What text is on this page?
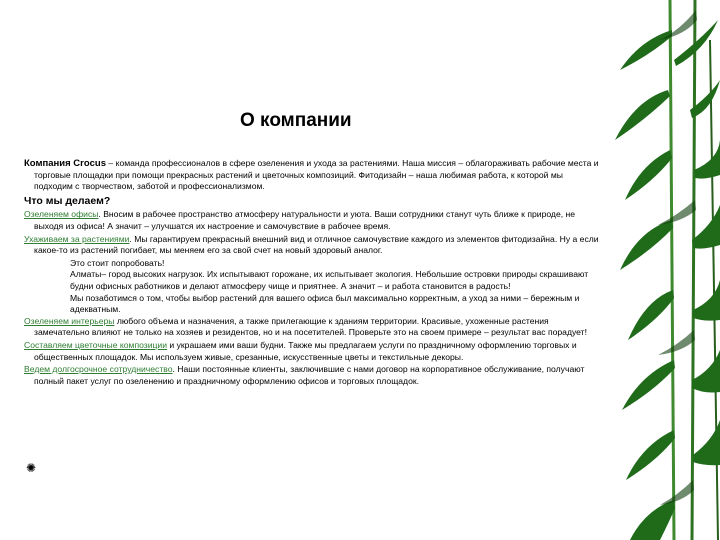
О компании

Компания Crocus – команда профессионалов в сфере озеленения и ухода за растениями. Наша миссия – облагораживать рабочие места и торговые площадки при помощи прекрасных растений и цветочных композиций. Фитодизайн – наша любимая работа, к которой мы подходим с творчеством, заботой и профессионализмом.

Что мы делаем?

Озеленяем офисы. Вносим в рабочее пространство атмосферу натуральности и уюта. Ваши сотрудники станут чуть ближе к природе, не выходя из офиса! А значит – улучшатся их настроение и самочувствие в рабочее время.

Ухаживаем за растениями. Мы гарантируем прекрасный внешний вид и отличное самочувствие каждого из элементов фитодизайна. Ну а если какое-то из растений погибает, мы меняем его за свой счет на новый здоровый аналог.

Это стоит попробовать!

Алматы– город высоких нагрузок. Их испытывают горожане, их испытывает экология. Небольшие островки природы скрашивают будни офисных работников и делают атмосферу чище и приятнее. А значит – и работа становится в радость!

Мы позаботимся о том, чтобы выбор растений для вашего офиса был максимально корректным, а уход за ними – бережным и адекватным.

Озеленяем интерьеры любого объема и назначения, а также прилегающие к зданиям территории. Красивые, ухоженные растения замечательно влияют не только на хозяев и резидентов, но и на посетителей. Проверьте это на своем примере – результат вас порадует!

Составляем цветочные композиции и украшаем ими ваши будни. Также мы предлагаем услуги по праздничному оформлению торговых и общественных площадок. Мы используем живые, срезанные, искусственные цветы и текстильные декоры.

Ведем долгосрочное сотрудничество. Наши постоянные клиенты, заключившие с нами договор на корпоративное обслуживание, получают полный пакет услуг по озеленению и праздничному оформлению офисов и торговых площадок.

✺
